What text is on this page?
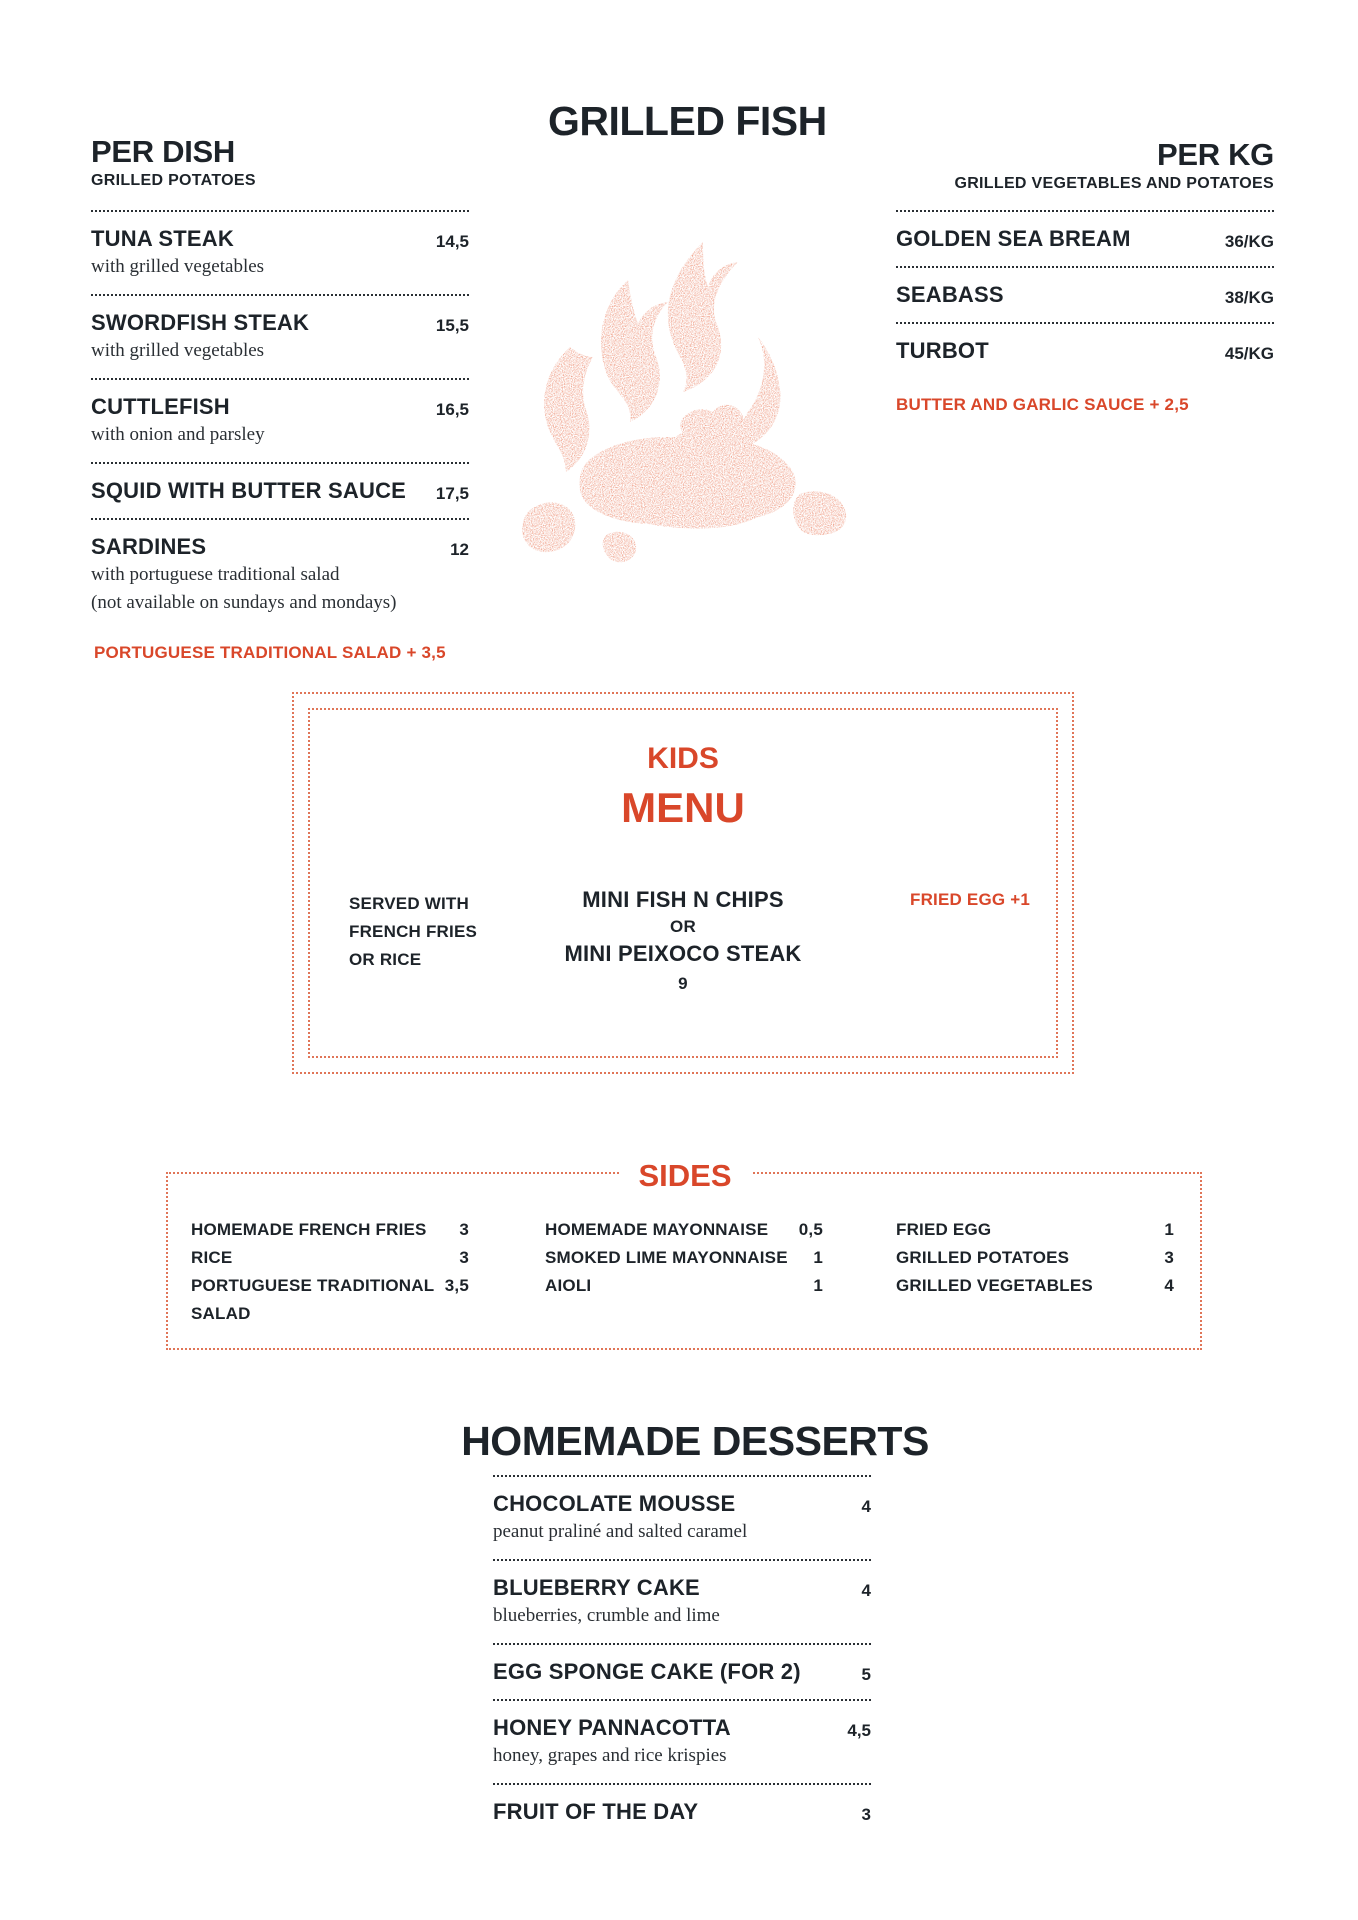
GRILLED FISH
PER DISH
GRILLED POTATOES
TUNA STEAK	14,5
with grilled vegetables
SWORDFISH STEAK	15,5
with grilled vegetables
CUTTLEFISH	16,5
with onion and parsley
SQUID WITH BUTTER SAUCE 17,5
SARDINES	12
with portuguese traditional salad
(not available on sundays and mondays)
PORTUGUESE TRADITIONAL SALAD + 3,5
PER KG
GRILLED VEGETABLES AND POTATOES
GOLDEN SEA BREAM	36/KG
SEABASS	38/KG
TURBOT	45/KG
BUTTER AND GARLIC SAUCE + 2,5
KIDS
MENU
SERVED WITH
FRENCH FRIES
OR RICE
MINI FISH N CHIPS
OR
MINI PEIXOCO STEAK
9
FRIED EGG +1
SIDES
HOMEMADE FRENCH FRIES 3
RICE	3
PORTUGUESE TRADITIONAL 3,5
SALAD
HOMEMADE MAYONNAISE 0,5
SMOKED LIME MAYONNAISE 1
AIOLI	1
FRIED EGG	1
GRILLED POTATOES	3
GRILLED VEGETABLES	4
HOMEMADE DESSERTS
CHOCOLATE MOUSSE	4
peanut praliné and salted caramel
BLUEBERRY CAKE	4
blueberries, crumble and lime
EGG SPONGE CAKE (FOR 2)	5
HONEY PANNACOTTA	4,5
honey, grapes and rice krispies
FRUIT OF THE DAY	3
